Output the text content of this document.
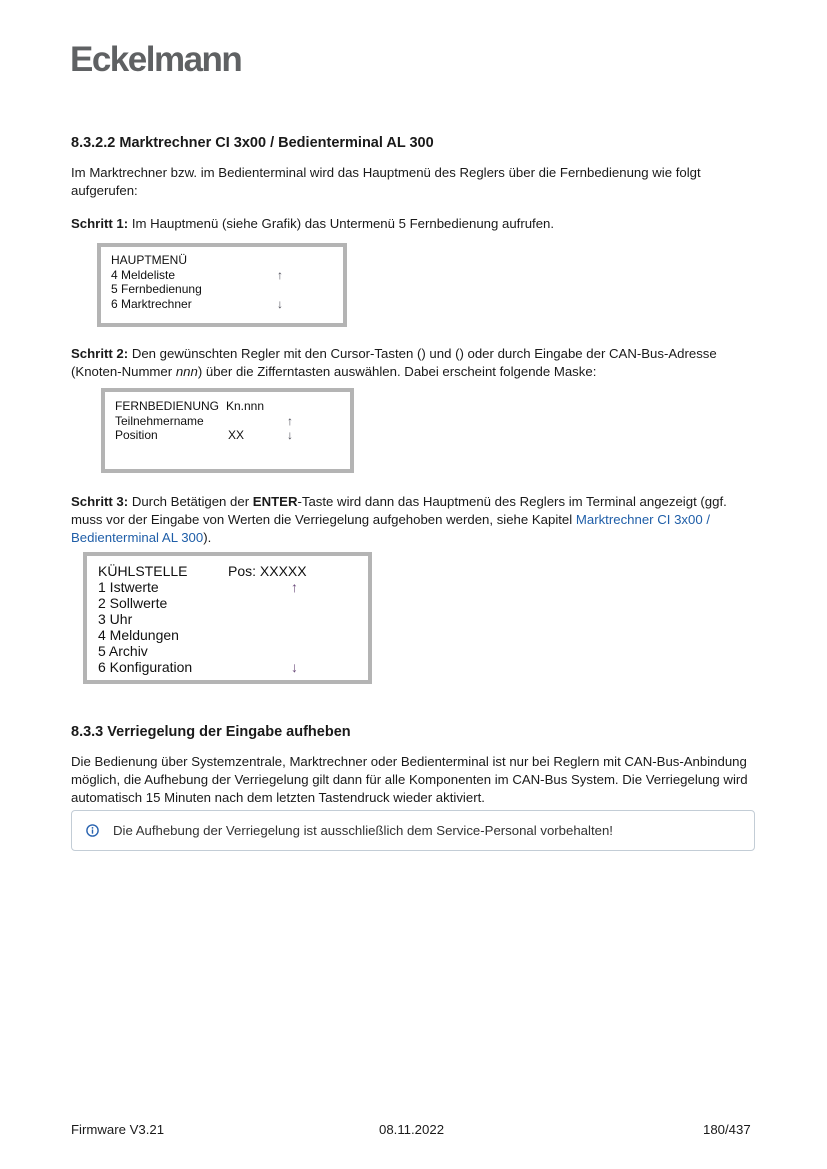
Eckelmann
8.3.2.2 Marktrechner CI 3x00 / Bedienterminal AL 300
Im Marktrechner bzw. im Bedienterminal wird das Hauptmenü des Reglers über die Fernbedienung wie folgt aufgerufen:
Schritt 1: Im Hauptmenü (siehe Grafik) das Untermenü 5 Fernbedienung aufrufen.
HAUPTMENÜ
4 Meldeliste	↑
5 Fernbedienung
6 Marktrechner	↓
Schritt 2: Den gewünschten Regler mit den Cursor-Tasten () und () oder durch Eingabe der CAN-Bus-Adresse (Knoten-Nummer nnn) über die Zifferntasten auswählen. Dabei erscheint folgende Maske:
FERNBEDIENUNG Kn.nnn
Teilnehmername	↑
Position	XX	↓
Schritt 3: Durch Betätigen der ENTER-Taste wird dann das Hauptmenü des Reglers im Terminal angezeigt (ggf. muss vor der Eingabe von Werten die Verriegelung aufgehoben werden, siehe Kapitel Marktrechner CI 3x00 / Bedienterminal AL 300).
KÜHLSTELLE	Pos: XXXXX
1 Istwerte	↑
2 Sollwerte
3 Uhr
4 Meldungen
5 Archiv
6 Konfiguration	↓
8.3.3 Verriegelung der Eingabe aufheben
Die Bedienung über Systemzentrale, Marktrechner oder Bedienterminal ist nur bei Reglern mit CAN-Bus-Anbindung möglich, die Aufhebung der Verriegelung gilt dann für alle Komponenten im CAN-Bus System. Die Verriegelung wird automatisch 15 Minuten nach dem letzten Tastendruck wieder aktiviert.
Die Aufhebung der Verriegelung ist ausschließlich dem Service-Personal vorbehalten!
Firmware V3.21	08.11.2022	180/437
